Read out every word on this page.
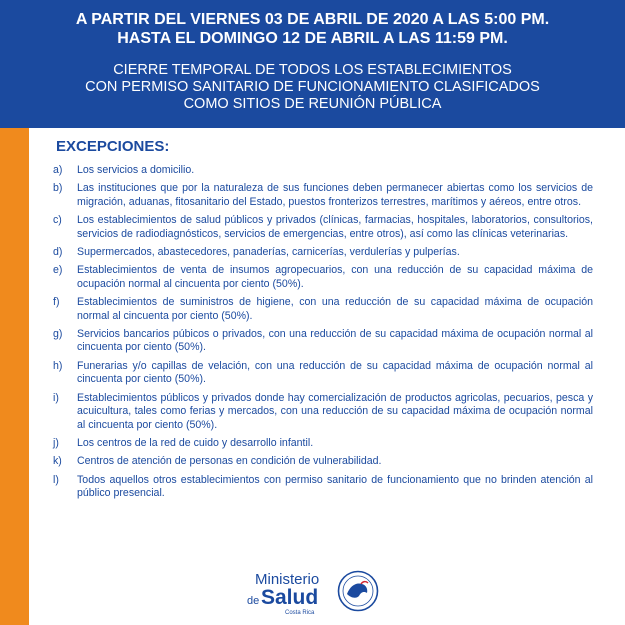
A PARTIR DEL VIERNES 03 DE ABRIL DE 2020 A LAS 5:00 PM.

HASTA EL DOMINGO 12 DE ABRIL A LAS 11:59 PM.

CIERRE TEMPORAL DE TODOS LOS ESTABLECIMIENTOS
CON PERMISO SANITARIO DE FUNCIONAMIENTO CLASIFICADOS
COMO SITIOS DE REUNIÓN PÚBLICA

EXCEPCIONES:
a)	Los servicios a domicilio.
b)	Las instituciones que por la naturaleza de sus funciones deben permanecer abiertas como los servicios de migración, aduanas, fitosanitario del Estado, puestos fronterizos terrestres, marítimos y aéreos, entre otros.
c)	Los establecimientos de salud públicos y privados (clínicas, farmacias, hospitales, laboratorios, consultorios, servicios de radiodiagnósticos, servicios de emergencias, entre otros), así como las clínicas veterinarias.
d)	Supermercados, abastecedores, panaderías, carnicerías, verdulerías y pulperías.
e)	Establecimientos de venta de insumos agropecuarios, con una reducción de su capacidad máxima de ocupación normal al cincuenta por ciento (50%).
f)	Establecimientos de suministros de higiene, con una reducción de su capacidad máxima de ocupación normal al cincuenta por ciento (50%).
g)	Servicios bancarios púbicos o privados, con una reducción de su capacidad máxima de ocupación normal al cincuenta por ciento (50%).
h)	Funerarias y/o capillas de velación, con una reducción de su capacidad máxima de ocupación normal al cincuenta por ciento (50%).
i)	Establecimientos públicos y privados donde hay comercialización de productos agricolas, pecuarios, pesca y acuicultura, tales como ferias y mercados, con una reducción de su capacidad máxima de ocupación normal al cincuenta por ciento (50%).
j)	Los centros de la red de cuido y desarrollo infantil.
k)	Centros de atención de personas en condición de vulnerabilidad.
l)	Todos aquellos otros establecimientos con permiso sanitario de funcionamiento que no brinden atención al público presencial.
Ministerio
de Salud
Costa Rica
